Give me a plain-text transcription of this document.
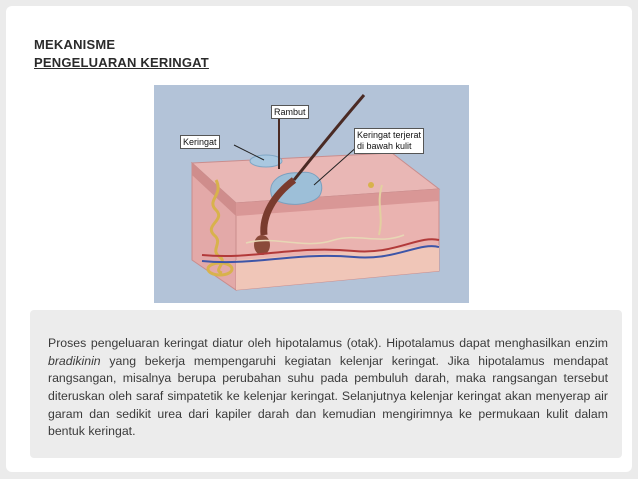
MEKANISME
PENGELUARAN KERINGAT
Rambut
Keringat
Keringat terjerat
di bawah kulit

Proses pengeluaran keringat diatur oleh hipotalamus (otak). Hipotalamus dapat menghasilkan enzim bradikinin yang bekerja mempengaruhi kegiatan kelenjar keringat. Jika hipotalamus mendapat rangsangan, misalnya berupa perubahan suhu pada pembuluh darah, maka rangsangan tersebut diteruskan oleh saraf simpatetik ke kelenjar keringat. Selanjutnya kelenjar keringat akan menyerap air garam dan sedikit urea dari kapiler darah dan kemudian mengirimnya ke permukaan kulit dalam bentuk keringat.
